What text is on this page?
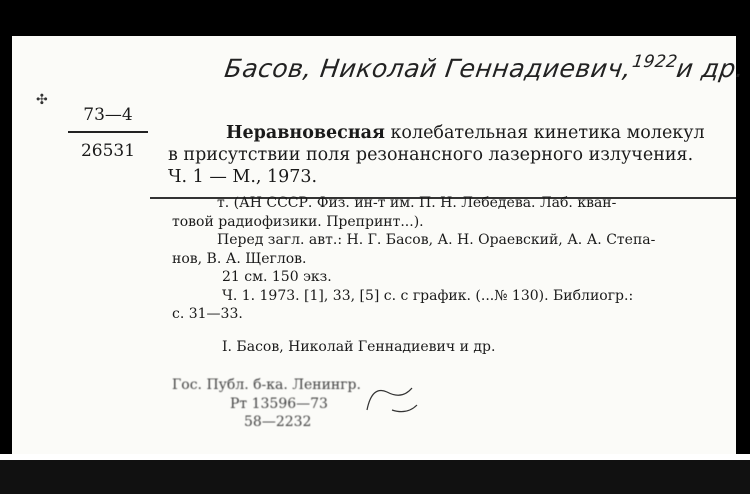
✣
Басов, Николай Геннадиевич,$^{1922}$и др.
73—4
26531
Неравновесная колебательная кинетика молекул
в присутствии поля резонансного лазерного излучения.
Ч. 1 — М., 1973.

т. (АН СССР. Физ. ин-т им. П. Н. Лебедева. Лаб. кван-

товой радиофизики. Препринт...).

Перед загл. авт.: Н. Г. Басов, А. Н. Ораевский, А. А. Степа-

нов, В. А. Щеглов.

21 см. 150 экз.

Ч. 1. 1973. [1], 33, [5] с. с график. (...№ 130). Библиогр.:

с. 31—33.

I. Басов, Николай Геннадиевич и др.

Гос. Публ. б-ка. Ленингр.

Рт 13596—73

58—2232
